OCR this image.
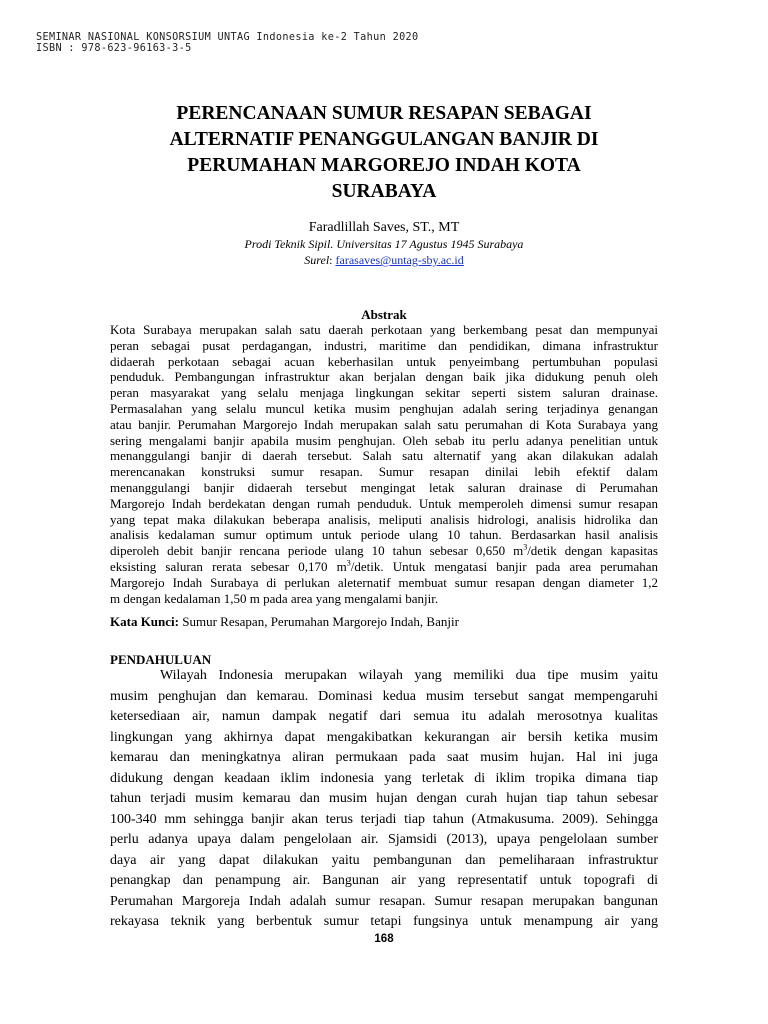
SEMINAR NASIONAL KONSORSIUM UNTAG Indonesia ke-2 Tahun 2020
ISBN : 978-623-96163-3-5
PERENCANAAN SUMUR RESAPAN SEBAGAI
ALTERNATIF PENANGGULANGAN BANJIR DI
PERUMAHAN MARGOREJO INDAH KOTA
SURABAYA
Faradlillah Saves, ST., MT
Prodi Teknik Sipil. Universitas 17 Agustus 1945 Surabaya
Surel: farasaves@untag-sby.ac.id
Abstrak
Kota Surabaya merupakan salah satu daerah perkotaan yang berkembang pesat dan mempunyai
peran sebagai pusat perdagangan, industri, maritime dan pendidikan, dimana infrastruktur
didaerah perkotaan sebagai acuan keberhasilan untuk penyeimbang pertumbuhan populasi
penduduk. Pembangungan infrastruktur akan berjalan dengan baik jika didukung penuh oleh
peran masyarakat yang selalu menjaga lingkungan sekitar seperti sistem saluran drainase.
Permasalahan yang selalu muncul ketika musim penghujan adalah sering terjadinya genangan
atau banjir. Perumahan Margorejo Indah merupakan salah satu perumahan di Kota Surabaya yang
sering mengalami banjir apabila musim penghujan. Oleh sebab itu perlu adanya penelitian untuk
menanggulangi banjir di daerah tersebut. Salah satu alternatif yang akan dilakukan adalah
merencanakan konstruksi sumur resapan. Sumur resapan dinilai lebih efektif dalam
menanggulangi banjir didaerah tersebut mengingat letak saluran drainase di Perumahan
Margorejo Indah berdekatan dengan rumah penduduk. Untuk memperoleh dimensi sumur resapan
yang tepat maka dilakukan beberapa analisis, meliputi analisis hidrologi, analisis hidrolika dan
analisis kedalaman sumur optimum untuk periode ulang 10 tahun. Berdasarkan hasil analisis
diperoleh debit banjir rencana periode ulang 10 tahun sebesar 0,650 $m^3$/detik dengan kapasitas
eksisting saluran rerata sebesar 0,170 $m^3$/detik. Untuk mengatasi banjir pada area perumahan
Margorejo Indah Surabaya di perlukan aleternatif membuat sumur resapan dengan diameter 1,2
m dengan kedalaman 1,50 m pada area yang mengalami banjir.
Kata Kunci: Sumur Resapan, Perumahan Margorejo Indah, Banjir
PENDAHULUAN
Wilayah Indonesia merupakan wilayah yang memiliki dua tipe musim yaitu
musim penghujan dan kemarau. Dominasi kedua musim tersebut sangat mempengaruhi
ketersediaan air, namun dampak negatif dari semua itu adalah merosotnya kualitas
lingkungan yang akhirnya dapat mengakibatkan kekurangan air bersih ketika musim
kemarau dan meningkatnya aliran permukaan pada saat musim hujan. Hal ini juga
didukung dengan keadaan iklim indonesia yang terletak di iklim tropika dimana tiap
tahun terjadi musim kemarau dan musim hujan dengan curah hujan tiap tahun sebesar
100-340 mm sehingga banjir akan terus terjadi tiap tahun (Atmakusuma. 2009). Sehingga
perlu adanya upaya dalam pengelolaan air. Sjamsidi (2013), upaya pengelolaan sumber
daya air yang dapat dilakukan yaitu pembangunan dan pemeliharaan infrastruktur
penangkap dan penampung air. Bangunan air yang representatif untuk topografi di
Perumahan Margoreja Indah adalah sumur resapan. Sumur resapan merupakan bangunan
rekayasa teknik yang berbentuk sumur tetapi fungsinya untuk menampung air yang
168
